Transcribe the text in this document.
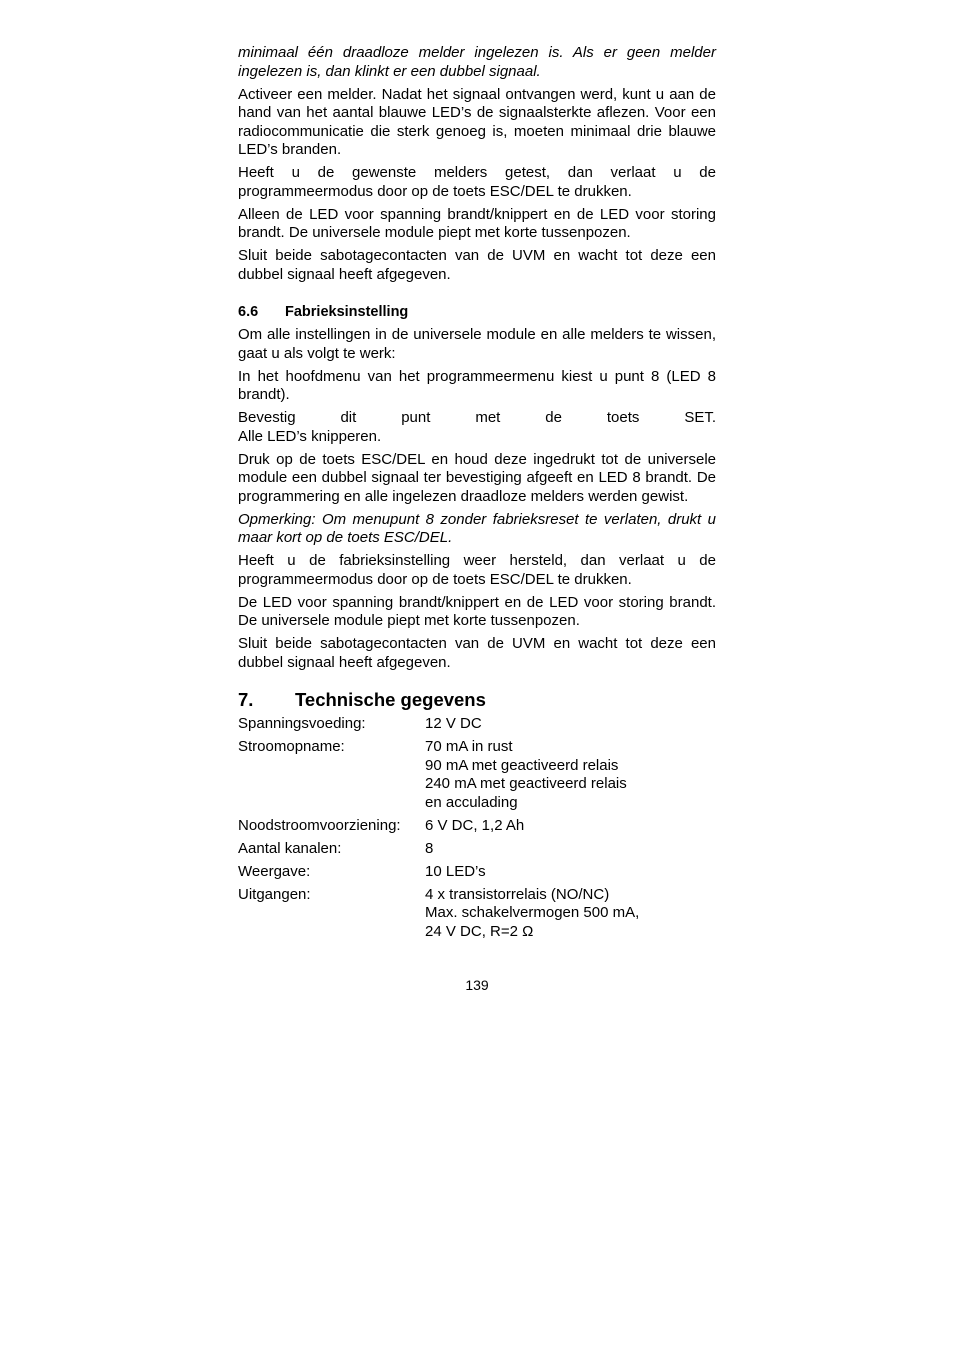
minimaal één draadloze melder ingelezen is. Als er geen melder ingelezen is, dan klinkt er een dubbel signaal.

Activeer een melder. Nadat het signaal ontvangen werd, kunt u aan de hand van het aantal blauwe LED’s de signaalsterkte aflezen. Voor een radiocommunicatie die sterk genoeg is, moeten minimaal drie blauwe LED’s branden.

Heeft u de gewenste melders getest, dan verlaat u de programmeermodus door op de toets ESC/DEL te drukken.

Alleen de LED voor spanning brandt/knippert en de LED voor storing brandt. De universele module piept met korte tussenpozen.

Sluit beide sabotagecontacten van de UVM en wacht tot deze een dubbel signaal heeft afgegeven.

6.6 Fabrieksinstelling

Om alle instellingen in de universele module en alle melders te wissen, gaat u als volgt te werk:

In het hoofdmenu van het programmeermenu kiest u punt 8 (LED 8 brandt).

Bevestig dit punt met de toets SET.

Alle LED’s knipperen.

Druk op de toets ESC/DEL en houd deze ingedrukt tot de universele module een dubbel signaal ter bevestiging afgeeft en LED 8 brandt. De programmering en alle ingelezen draadloze melders werden gewist.

Opmerking: Om menupunt 8 zonder fabrieksreset te verlaten, drukt u maar kort op de toets ESC/DEL.

Heeft u de fabrieksinstelling weer hersteld, dan verlaat u de programmeermodus door op de toets ESC/DEL te drukken.

De LED voor spanning brandt/knippert en de LED voor storing brandt. De universele module piept met korte tussenpozen.

Sluit beide sabotagecontacten van de UVM en wacht tot deze een dubbel signaal heeft afgegeven.

7. Technische gegevens
Spanningsvoeding:	12 V DC
Stroomopname:	70 mA in rust
90 mA met geactiveerd relais
240 mA met geactiveerd relais
en acculading
Noodstroomvoorziening:	6 V DC, 1,2 Ah
Aantal kanalen:	8
Weergave:	10 LED’s
Uitgangen:	4 x transistorrelais (NO/NC)
Max. schakelvermogen 500 mA,
24 V DC, R=2 Ω
139
